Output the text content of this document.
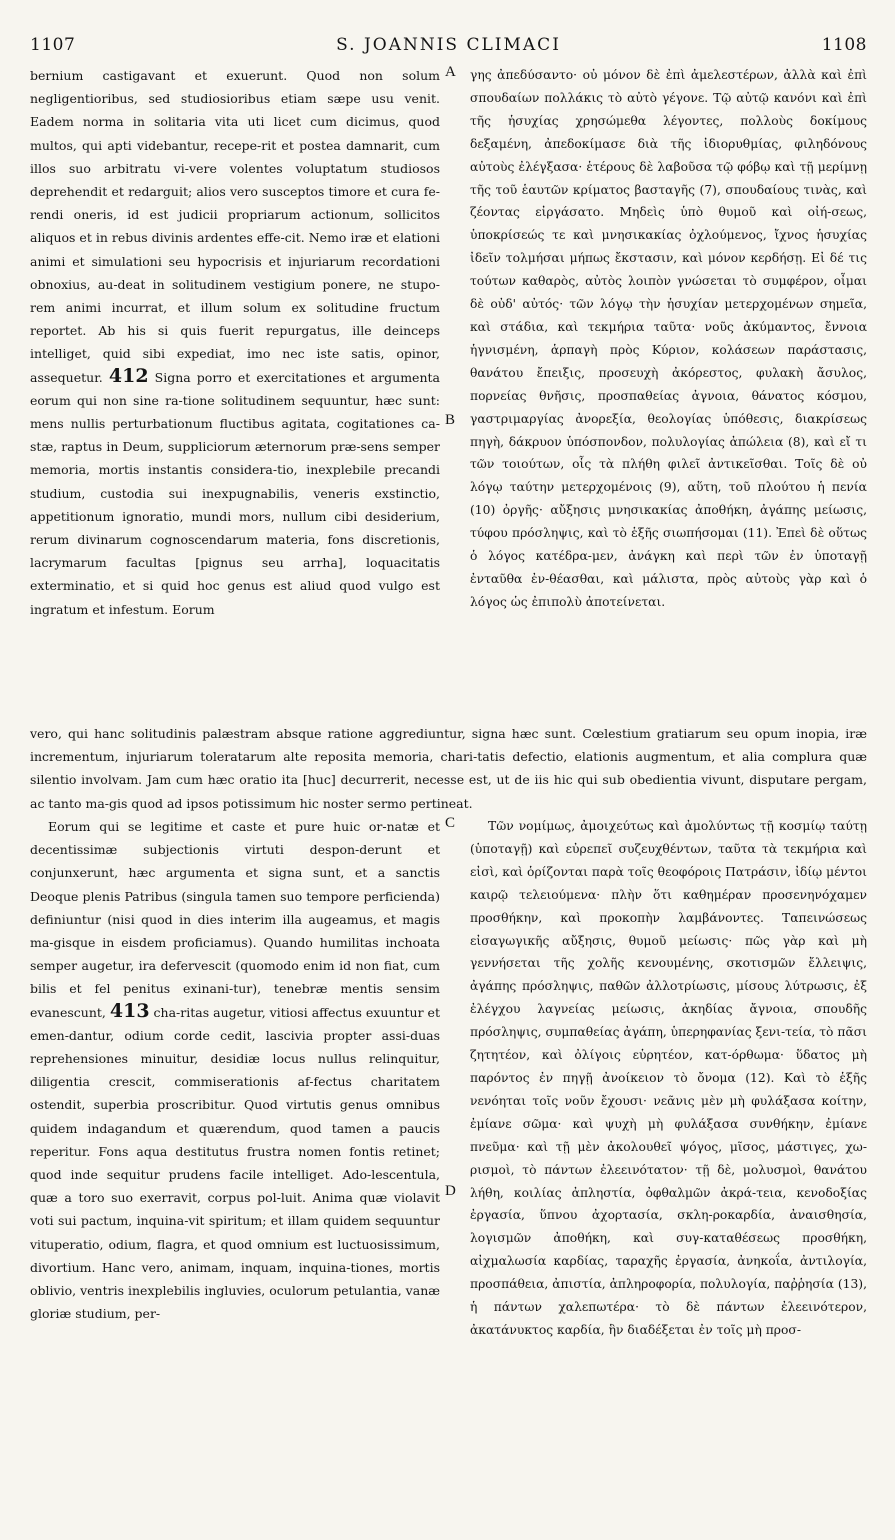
1107	S. JOANNIS CLIMACI	1108

bernium castigavant et exuerunt. Quod non solum negligentioribus, sed studiosioribus etiam sæpe usu venit. Eadem norma in solitaria vita uti licet cum dicimus, quod multos, qui apti videbantur, recepe-rit et postea damnarit, cum illos suo arbitratu vi-vere volentes voluptatum studiosos deprehendit et redarguit; alios vero susceptos timore et cura fe-rendi oneris, id est judicii propriarum actionum, sollicitos aliquos et in rebus divinis ardentes effe-cit. Nemo iræ et elationi animi et simulationi seu hypocrisis et injuriarum recordationi obnoxius, au-deat in solitudinem vestigium ponere, ne stupo-rem animi incurrat, et illum solum ex solitudine fructum reportet. Ab his si quis fuerit repurgatus, ille deinceps intelliget, quid sibi expediat, imo nec iste satis, opinor, assequetur. 412 Signa porro et exercitationes et argumenta eorum qui non sine ra-tione solitudinem sequuntur, hæc sunt: mens nullis perturbationum fluctibus agitata, cogitationes ca-stæ, raptus in Deum, suppliciorum æternorum præ-sens semper memoria, mortis instantis considera-tio, inexplebile precandi studium, custodia sui inexpugnabilis, veneris exstinctio, appetitionum ignoratio, mundi mors, nullum cibi desiderium, rerum divinarum cognoscendarum materia, fons discretionis, lacrymarum facultas [pignus seu arrha], loquacitatis exterminatio, et si quid hoc genus est aliud quod vulgo est ingratum et infestum. Eorum

A
B

γης ἀπεδύσαντο· οὐ μόνον δὲ ἐπὶ ἀμελεστέρων, ἀλλὰ καὶ ἐπὶ σπουδαίων πολλάκις τὸ αὐτὸ γέγονε. Τῷ αὐτῷ κανόνι καὶ ἐπὶ τῆς ἡσυχίας χρησώμεθα λέγοντες, πολλοὺς δοκίμους δεξαμένη, ἀπεδοκίμασε διὰ τῆς ἰδιορυθμίας, φιληδόνους αὐτοὺς ἐλέγξασα· ἑτέρους δὲ λαβοῦσα τῷ φόβῳ καὶ τῇ μερίμνῃ τῆς τοῦ ἑαυτῶν κρίματος βασταγῆς (7), σπουδαίους τινὰς, καὶ ζέοντας εἰργάσατο. Μηδεὶς ὑπὸ θυμοῦ καὶ οἰή-σεως, ὑποκρίσεώς τε καὶ μνησικακίας ὀχλούμενος, ἴχνος ἡσυχίας ἰδεῖν τολμήσαι μήπως ἔκστασιν, καὶ μόνον κερδήσῃ. Εἰ δέ τις τούτων καθαρὸς, αὐτὸς λοιπὸν γνώσεται τὸ συμφέρον, οἶμαι δὲ οὐδ' αὐτός· τῶν λόγῳ τὴν ἡσυχίαν μετερχομένων σημεῖα, καὶ στάδια, καὶ τεκμήρια ταῦτα· νοῦς ἀκύμαντος, ἔννοια ἡγνισμένη, ἁρπαγὴ πρὸς Κύριον, κολάσεων παράστασις, θανάτου ἔπειξις, προσευχὴ ἀκόρεστος, φυλακὴ ἄσυλος, πορνείας θνῆσις, προσπαθείας ἀγνοια, θάνατος κόσμου, γαστριμαργίας ἀνορεξία, θεολογίας ὑπόθεσις, διακρίσεως πηγὴ, δάκρυον ὑπόσπονδον, πολυλογίας ἀπώλεια (8), καὶ εἴ τι τῶν τοιούτων, οἷς τὰ πλήθη φιλεῖ ἀντικεῖσθαι. Τοῖς δὲ οὐ λόγῳ ταύτην μετερχομένοις (9), αὕτη, τοῦ πλούτου ἡ πενία (10) ὀργῆς· αὔξησις μνησικακίας ἀποθήκη, ἀγάπης μείωσις, τύφου πρόσληψις, καὶ τὸ ἑξῆς σιωπήσομαι (11). Ἐπεὶ δὲ οὕτως ὁ λόγος κατέδρα-μεν, ἀνάγκη καὶ περὶ τῶν ἐν ὑποταγῇ ἐνταῦθα ἐν-θέασθαι, καὶ μάλιστα, πρὸς αὐτοὺς γὰρ καὶ ὁ λόγος ὡς ἐπιπολὺ ἀποτείνεται.

vero, qui hanc solitudinis palæstram absque ratione aggrediuntur, signa hæc sunt. Cœlestium gratiarum seu opum inopia, iræ incrementum, injuriarum toleratarum alte reposita memoria, chari-tatis defectio, elationis augmentum, et alia complura quæ silentio involvam. Jam cum hæc oratio ita [huc] decurrerit, necesse est, ut de iis hic qui sub obedientia vivunt, disputare pergam, ac tanto ma-gis quod ad ipsos potissimum hic noster sermo pertineat.

Eorum qui se legitime et caste et pure huic or-natæ et decentissimæ subjectionis virtuti despon-derunt et conjunxerunt, hæc argumenta et signa sunt, et a sanctis Deoque plenis Patribus (singula tamen suo tempore perficienda) definiuntur (nisi quod in dies interim illa augeamus, et magis ma-gisque in eisdem proficiamus). Quando humilitas inchoata semper augetur, ira defervescit (quomodo enim id non fiat, cum bilis et fel penitus exinani-tur), tenebræ mentis sensim evanescunt, 413 cha-ritas augetur, vitiosi affectus exuuntur et emen-dantur, odium corde cedit, lascivia propter assi-duas reprehensiones minuitur, desidiæ locus nullus relinquitur, diligentia crescit, commiserationis af-fectus charitatem ostendit, superbia proscribitur. Quod virtutis genus omnibus quidem indagandum et quærendum, quod tamen a paucis reperitur. Fons aqua destitutus frustra nomen fontis retinet; quod inde sequitur prudens facile intelliget. Ado-lescentula, quæ a toro suo exerravit, corpus pol-luit. Anima quæ violavit voti sui pactum, inquina-vit spiritum; et illam quidem sequuntur vituperatio, odium, flagra, et quod omnium est luctuosissimum, divortium. Hanc vero, animam, inquam, inquina-tiones, mortis oblivio, ventris inexplebilis ingluvies, oculorum petulantia, vanæ gloriæ studium, per-

C
D

Τῶν νομίμως, ἀμοιχεύτως καὶ ἀμολύντως τῇ κοσμίῳ ταύτῃ (ὑποταγῇ) καὶ εὐρεπεῖ συζευχθέντων, ταῦτα τὰ τεκμήρια καὶ εἰσὶ, καὶ ὁρίζονται παρὰ τοῖς θεοφόροις Πατράσιν, ἰδίῳ μέντοι καιρῷ τελειούμενα· πλὴν ὅτι καθημέραν προσενηνόχαμεν προσθήκην, καὶ προκοπὴν λαμβάνοντες. Ταπεινώσεως εἰσαγωγικῆς αὔξησις, θυμοῦ μείωσις· πῶς γὰρ καὶ μὴ γεννήσεται τῆς χολῆς κενουμένης, σκοτισμῶν ἔλλειψις, ἀγάπης πρόσληψις, παθῶν ἀλλοτρίωσις, μίσους λύτρωσις, ἐξ ἐλέγχου λαγνείας μείωσις, ἀκηδίας ἄγνοια, σπουδῆς πρόσληψις, συμπαθείας ἀγάπη, ὑπερηφανίας ξενι-τεία, τὸ πᾶσι ζητητέον, καὶ ὀλίγοις εὑρητέον, κατ-όρθωμα· ὕδατος μὴ παρόντος ἐν πηγῇ ἀνοίκειον τὸ ὄνομα (12). Καὶ τὸ ἑξῆς νενόηται τοῖς νοῦν ἔχουσι· νεᾶνις μὲν μὴ φυλάξασα κοίτην, ἐμίανε σῶμα· καὶ ψυχὴ μὴ φυλάξασα συνθήκην, ἐμίανε πνεῦμα· καὶ τῇ μὲν ἀκολουθεῖ ψόγος, μῖσος, μάστιγες, χω-ρισμοὶ, τὸ πάντων ἐλεεινότατον· τῇ δὲ, μολυσμοὶ, θανάτου λήθη, κοιλίας ἀπληστία, ὀφθαλμῶν ἀκρά-τεια, κενοδοξίας ἐργασία, ὕπνου ἀχορτασία, σκλη-ροκαρδία, ἀναισθησία, λογισμῶν ἀποθήκη, καὶ συγ-καταθέσεως προσθήκη, αἰχμαλωσία καρδίας, ταραχῆς ἐργασία, ἀνηκοΐα, ἀντιλογία, προσπάθεια, ἀπιστία, ἀπληροφορία, πολυλογία, παῤῥησία (13), ἡ πάντων χαλεπωτέρα· τὸ δὲ πάντων ἐλεεινότερον, ἀκατάνυκτος καρδία, ἣν διαδέξεται ἐν τοῖς μὴ προσ-
